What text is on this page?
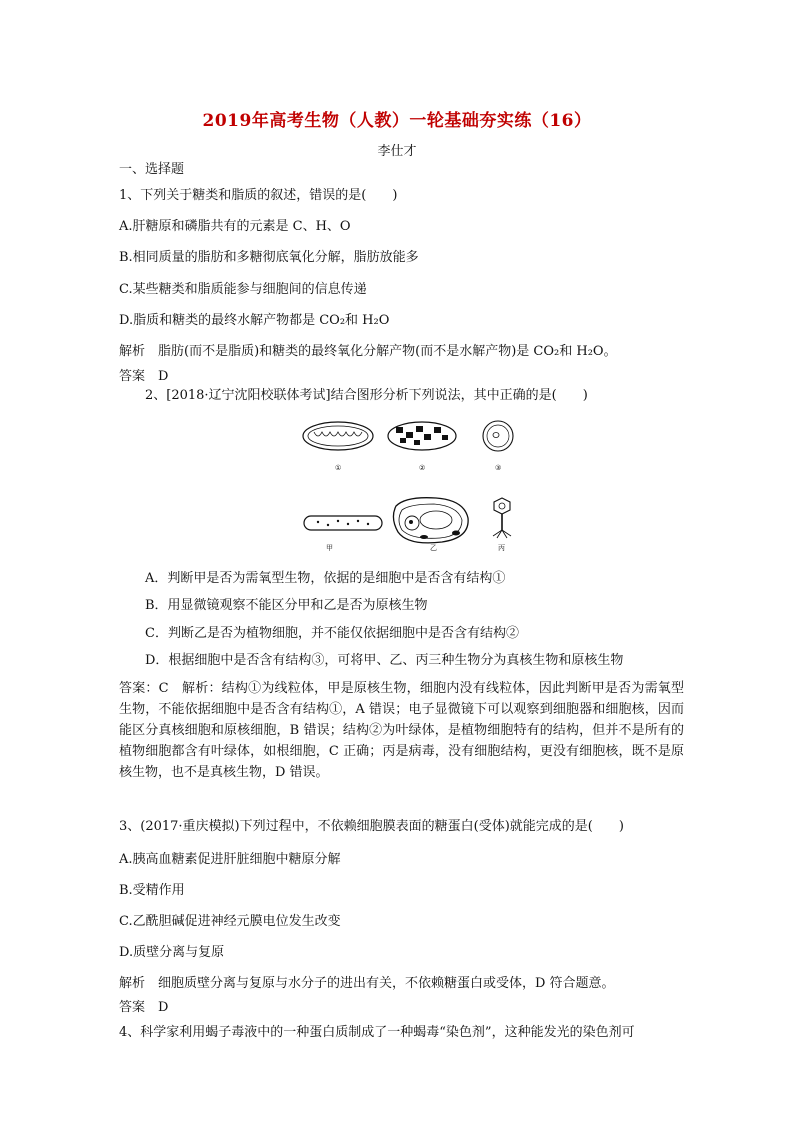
2019年高考生物（人教）一轮基础夯实练（16）
李仕才
一、选择题
1、下列关于糖类和脂质的叙述，错误的是(　　)
A.肝糖原和磷脂共有的元素是 C、H、O
B.相同质量的脂肪和多糖彻底氧化分解，脂肪放能多
C.某些糖类和脂质能参与细胞间的信息传递
D.脂质和糖类的最终水解产物都是 CO₂和 H₂O
解析　脂肪(而不是脂质)和糖类的最终氧化分解产物(而不是水解产物)是 CO₂和 H₂O。
答案　D
2、[2018·辽宁沈阳校联体考试]结合图形分析下列说法，其中正确的是(　　)
①	②	③
甲	乙	丙
A．判断甲是否为需氧型生物，依据的是细胞中是否含有结构①
B．用显微镜观察不能区分甲和乙是否为原核生物
C．判断乙是否为植物细胞，并不能仅依据细胞中是否含有结构②
D．根据细胞中是否含有结构③，可将甲、乙、丙三种生物分为真核生物和原核生物
答案：C　解析：结构①为线粒体，甲是原核生物，细胞内没有线粒体，因此判断甲是否为需氧型生物，不能依据细胞中是否含有结构①，A 错误；电子显微镜下可以观察到细胞器和细胞核，因而能区分真核细胞和原核细胞，B 错误；结构②为叶绿体，是植物细胞特有的结构，但并不是所有的植物细胞都含有叶绿体，如根细胞，C 正确；丙是病毒，没有细胞结构，更没有细胞核，既不是原核生物，也不是真核生物，D 错误。
3、(2017·重庆模拟)下列过程中，不依赖细胞膜表面的糖蛋白(受体)就能完成的是(　　)
A.胰高血糖素促进肝脏细胞中糖原分解
B.受精作用
C.乙酰胆碱促进神经元膜电位发生改变
D.质壁分离与复原
解析　细胞质壁分离与复原与水分子的进出有关，不依赖糖蛋白或受体，D 符合题意。
答案　D
4、科学家利用蝎子毒液中的一种蛋白质制成了一种蝎毒“染色剂”，这种能发光的染色剂可
